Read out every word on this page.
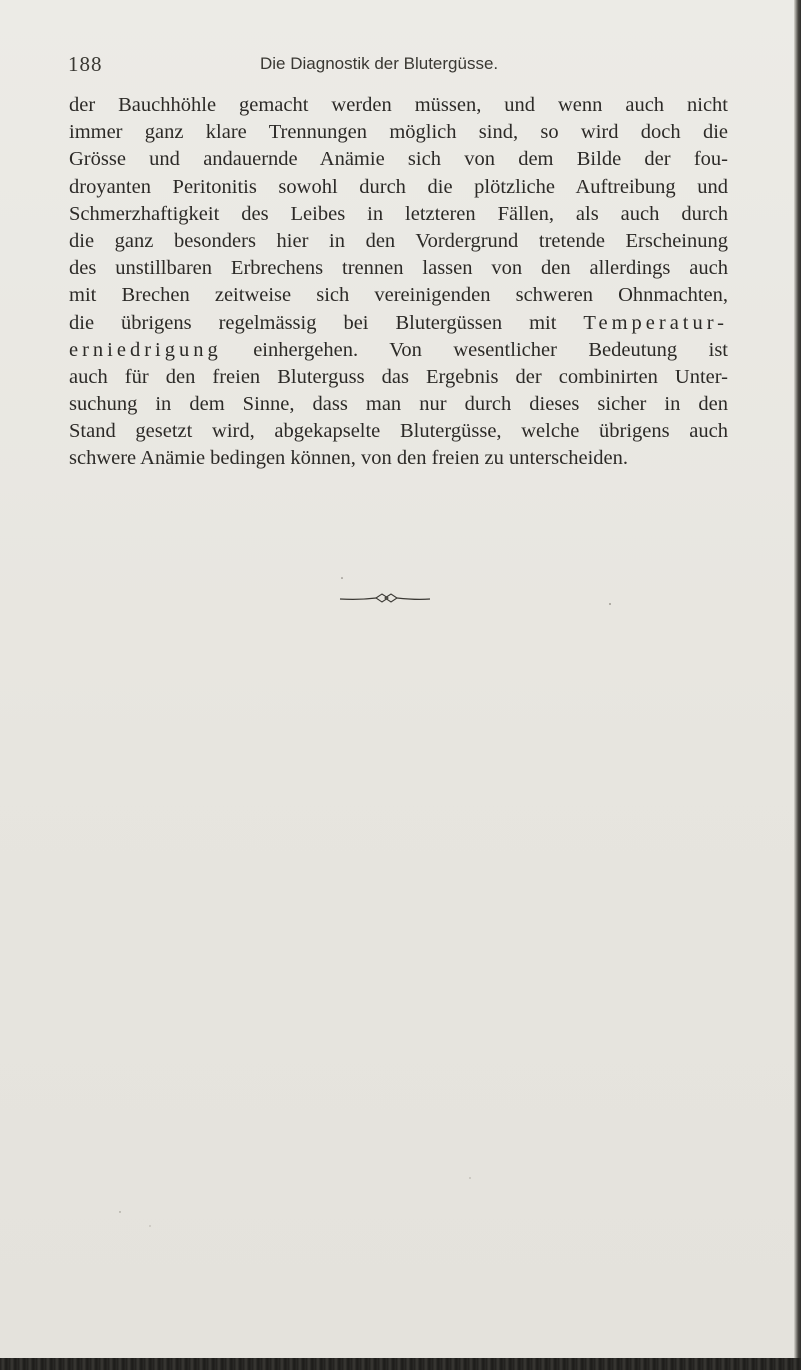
188	Die Diagnostik der Blutergüsse.
der Bauchhöhle gemacht werden müssen, und wenn auch nicht
immer ganz klare Trennungen möglich sind, so wird doch die
Grösse und andauernde Anämie sich von dem Bilde der fou-
droyanten Peritonitis sowohl durch die plötzliche Auftreibung und
Schmerzhaftigkeit des Leibes in letzteren Fällen, als auch durch
die ganz besonders hier in den Vordergrund tretende Erscheinung
des unstillbaren Erbrechens trennen lassen von den allerdings auch
mit Brechen zeitweise sich vereinigenden schweren Ohnmachten,
die übrigens regelmässig bei Blutergüssen mit Temperatur-
erniedrigung einhergehen. Von wesentlicher Bedeutung ist
auch für den freien Bluterguss das Ergebnis der combinirten Unter-
suchung in dem Sinne, dass man nur durch dieses sicher in den
Stand gesetzt wird, abgekapselte Blutergüsse, welche übrigens auch
schwere Anämie bedingen können, von den freien zu unterscheiden.
